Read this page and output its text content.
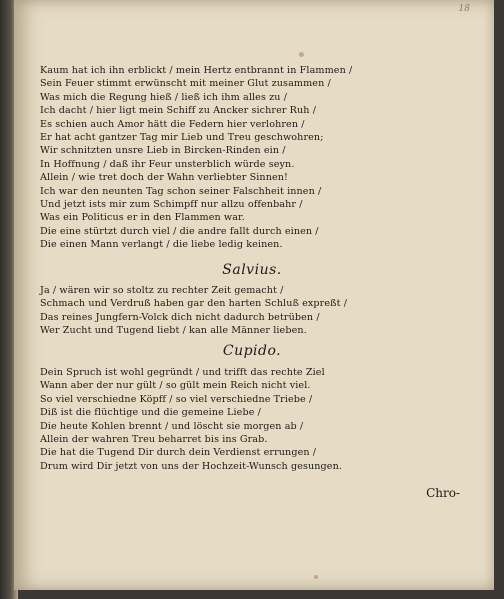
18
Kaum hat ich ihn erblickt / mein Hertz entbrannt in Flammen /
Sein Feuer stimmt erwünscht mit meiner Glut zusammen /
Was mich die Regung hieß / ließ ich ihm alles zu /
Ich dacht / hier ligt mein Schiff zu Ancker sichrer Ruh /
Es schien auch Amor hätt die Federn hier verlohren /
Er hat acht gantzer Tag mir Lieb und Treu geschwohren;
Wir schnitzten unsre Lieb in Bircken-Rinden ein /
In Hoffnung / daß ihr Feur unsterblich würde seyn.
Allein / wie tret doch der Wahn verliebter Sinnen!
Ich war den neunten Tag schon seiner Falschheit innen /
Und jetzt ists mir zum Schimpff nur allzu offenbahr /
Was ein Politicus er in den Flammen war.
Die eine stürtzt durch viel / die andre fallt durch einen /
Die einen Mann verlangt / die liebe ledig keinen.
Salvius.
Ja / wären wir so stoltz zu rechter Zeit gemacht /
Schmach und Verdruß haben gar den harten Schluß expreßt /
Das reines Jungfern-Volck dich nicht dadurch betrüben /
Wer Zucht und Tugend liebt / kan alle Männer lieben.
Cupido.
Dein Spruch ist wohl gegründt / und trifft das rechte Ziel
Wann aber der nur gült / so gült mein Reich nicht viel.
So viel verschiedne Köpff / so viel verschiedne Triebe /
Diß ist die flüchtige und die gemeine Liebe /
Die heute Kohlen brennt / und löscht sie morgen ab /
Allein der wahren Treu beharret bis ins Grab.
Die hat die Tugend Dir durch dein Verdienst errungen /
Drum wird Dir jetzt von uns der Hochzeit-Wunsch gesungen.
Chro-
